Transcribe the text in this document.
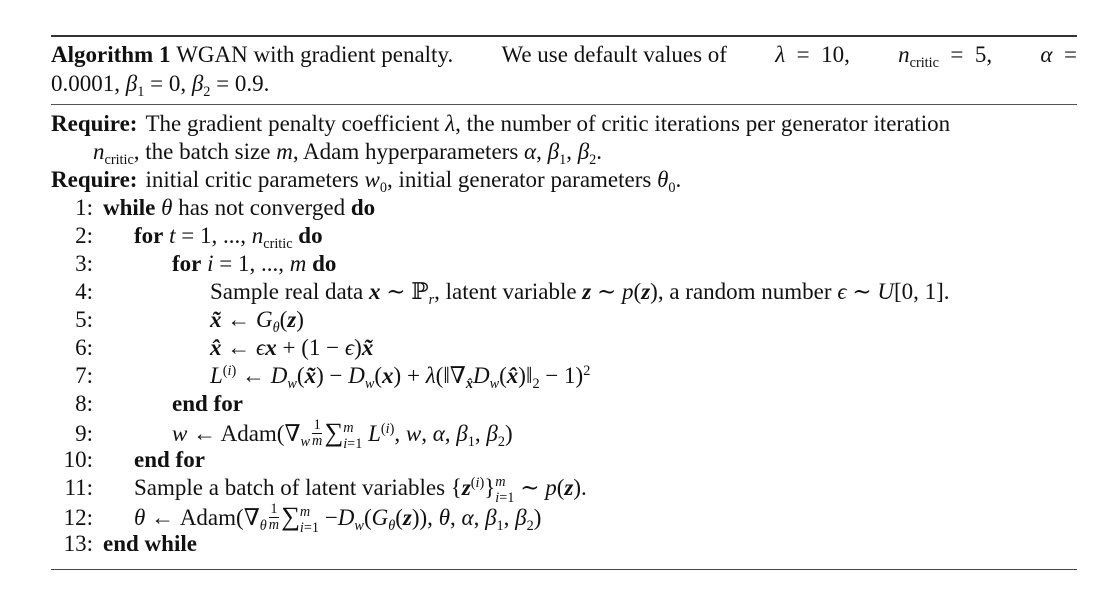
Algorithm 1 WGAN with gradient penalty. We use default values of λ  =  10, $n_{critic} = 5$, α  =
0.0001, $\beta_1 = 0$, $\beta_2 = 0.9$.
Require: The gradient penalty coefficient λ, the number of critic iterations per generator iteration
$n_{critic}$, the batch size m, Adam hyperparameters α, $\beta_1$, $\beta_2$.
Require: initial critic parameters $w_0$, initial generator parameters $\theta_0$.
1: while θ has not converged do
2:	for t = 1, ..., $n_{critic}$ do
3:	for i = 1, ..., m do
4:	Sample real data x ∼ ℙ$_r$, latent variable z ∼ p(z), a random number ϵ ∼ U[0, 1].
5:	x̃ ← $G_\theta(z)$
6:	x̂ ← ϵx + (1 − ϵ)x̃
7:	$L^{(i)}$ ← $D_w(x̃) - D_w(x)$ + $\lambda(‖\nabla_{x̂}D_w(x̂)‖_2 - 1)^2$
8:	end for
9:	w ← $Adam(\nabla_w \frac{1}{m}$ ∑ m
i=1 $L^{(i)}$, w, α, $\beta_1$, $\beta_2$)
10:	end for
11:	Sample a batch of latent variables $\{z^{(i)}\}$ m
i=1 ∼ p(z).
12:	θ ← $Adam(\nabla_\theta \frac{1}{m}$ ∑ m
$i=1 -D_w(G_\theta(z))$, θ, α, $\beta_1$, $\beta_2$)
13: end while
